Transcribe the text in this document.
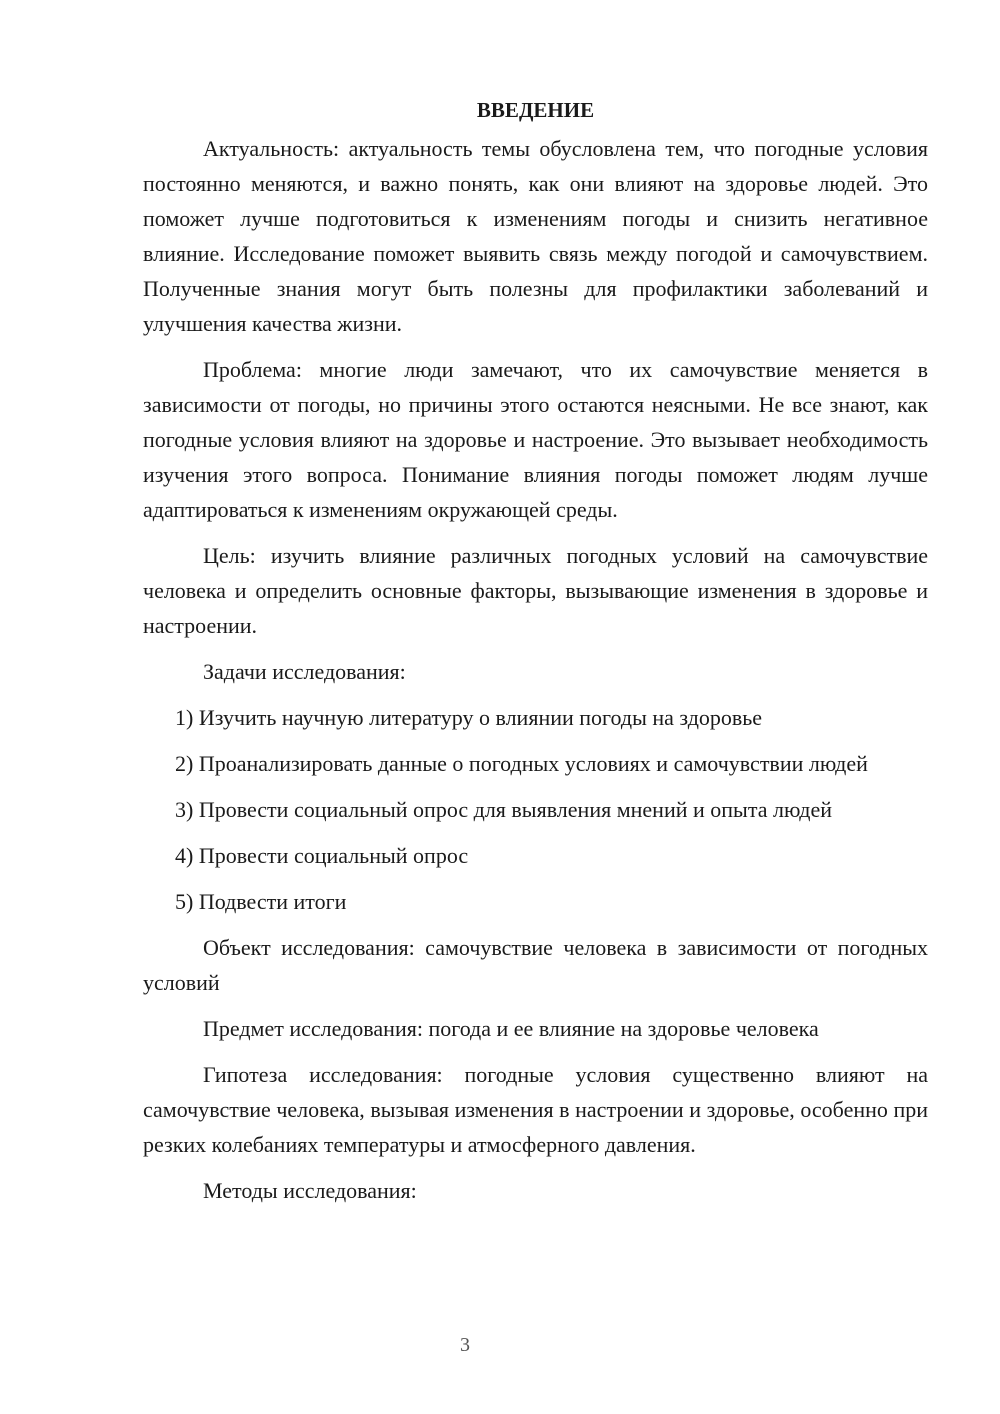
ВВЕДЕНИЕ

Актуальность: актуальность темы обусловлена тем, что погодные условия постоянно меняются, и важно понять, как они влияют на здоровье людей. Это поможет лучше подготовиться к изменениям погоды и снизить негативное влияние. Исследование поможет выявить связь между погодой и самочувствием. Полученные знания могут быть полезны для профилактики заболеваний и улучшения качества жизни.

Проблема: многие люди замечают, что их самочувствие меняется в зависимости от погоды, но причины этого остаются неясными. Не все знают, как погодные условия влияют на здоровье и настроение. Это вызывает необходимость изучения этого вопроса. Понимание влияния погоды поможет людям лучше адаптироваться к изменениям окружающей среды.

Цель: изучить влияние различных погодных условий на самочувствие человека и определить основные факторы, вызывающие изменения в здоровье и настроении.

Задачи исследования:

1) Изучить научную литературу о влиянии погоды на здоровье

2) Проанализировать данные о погодных условиях и самочувствии людей

3) Провести социальный опрос для выявления мнений и опыта людей

4) Провести социальный опрос

5) Подвести итоги

Объект исследования: самочувствие человека в зависимости от погодных условий

Предмет исследования: погода и ее влияние на здоровье человека

Гипотеза исследования: погодные условия существенно влияют на самочувствие человека, вызывая изменения в настроении и здоровье, особенно при резких колебаниях температуры и атмосферного давления.

Методы исследования:

3
